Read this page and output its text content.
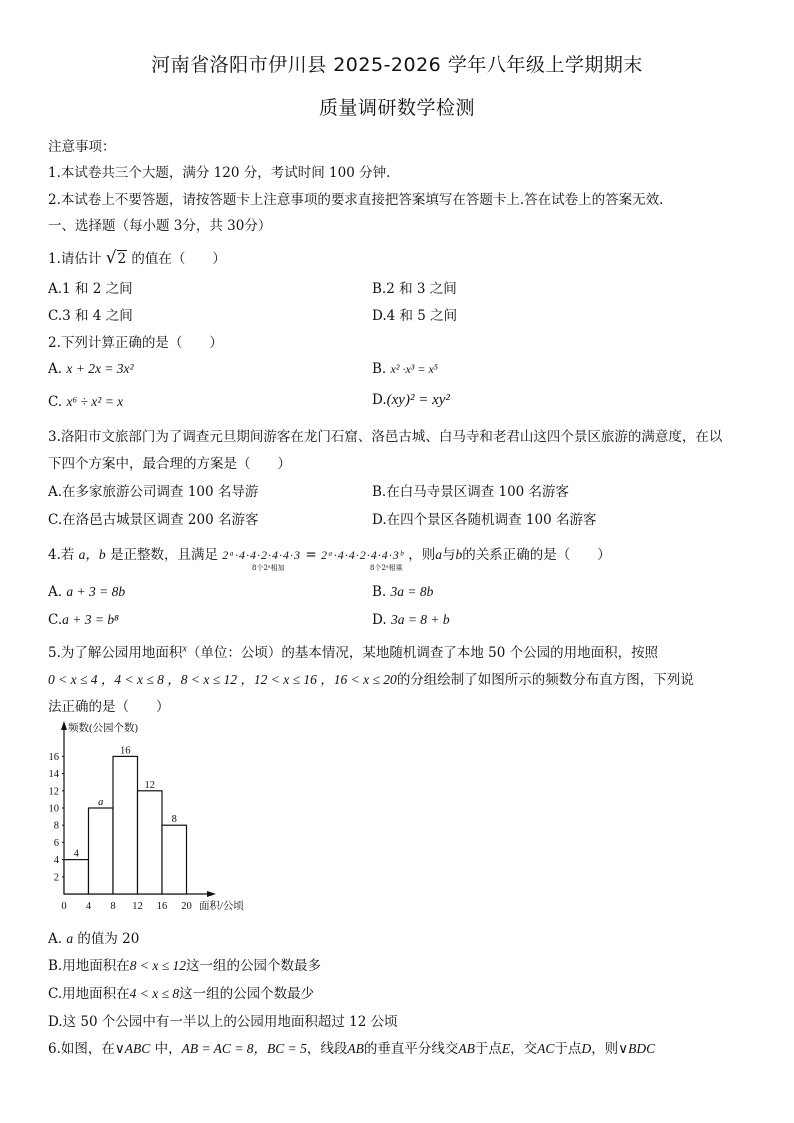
河南省洛阳市伊川县 2025-2026 学年八年级上学期期末
质量调研数学检测
注意事项：
1.本试卷共三个大题，满分 120 分，考试时间 100 分钟.
2.本试卷上不要答题，请按答题卡上注意事项的要求直接把答案填写在答题卡上.答在试卷上的答案无效.
一、选择题（每小题 3分，共 30分）
1.请估计 √2 的值在（　　）
A.1 和 2 之间	B.2 和 3 之间
C.3 和 4 之间	D.4 和 5 之间
2.下列计算正确的是（　　）
A. x + 2x = 3x²	B. x² ·x³ = x⁵
C. x⁶ ÷ x² = x	D.(xy)² = xy²
3.洛阳市文旅部门为了调查元旦期间游客在龙门石窟、洛邑古城、白马寺和老君山这四个景区旅游的满意度，在以
下四个方案中，最合理的方案是（　　）
A.在多家旅游公司调查 100 名导游	B.在白马寺景区调查 100 名游客
C.在洛邑古城景区调查 200 名游客	D.在四个景区各随机调查 100 名游客
4.若 a，b 是正整数，且满足 2ᵃ·4·4·2·4·4·3 = 2ᵃ·4·4·2·4·4·3ᵇ ，则a与b的关系正确的是（　　）
8个2ᵃ相加	8个2ᵃ相乘
A. a + 3 = 8b	B. 3a = 8b
C.a + 3 = b⁸	D. 3a = 8 + b
5.为了解公园用地面积$^x$（单位：公顷）的基本情况，某地随机调查了本地 50 个公园的用地面积，按照
0 < x ≤ 4 ，4 < x ≤ 8 ，8 < x ≤ 12 ，12 < x ≤ 16 ，16 < x ≤ 20的分组绘制了如图所示的频数分布直方图，下列说
法正确的是（　　）
频数(公园个数)
面积/公顷
0 4 8 12 16 20
2
4
6
8
10
12
14
16
4
a
16
12
8
A. a 的值为 20
B.用地面积在8 < x ≤ 12这一组的公园个数最多
C.用地面积在4 < x ≤ 8这一组的公园个数最少
D.这 50 个公园中有一半以上的公园用地面积超过 12 公顷
6.如图，在∨ABC 中，AB = AC = 8，BC = 5，线段AB的垂直平分线交AB于点E，交AC于点D，则∨BDC
